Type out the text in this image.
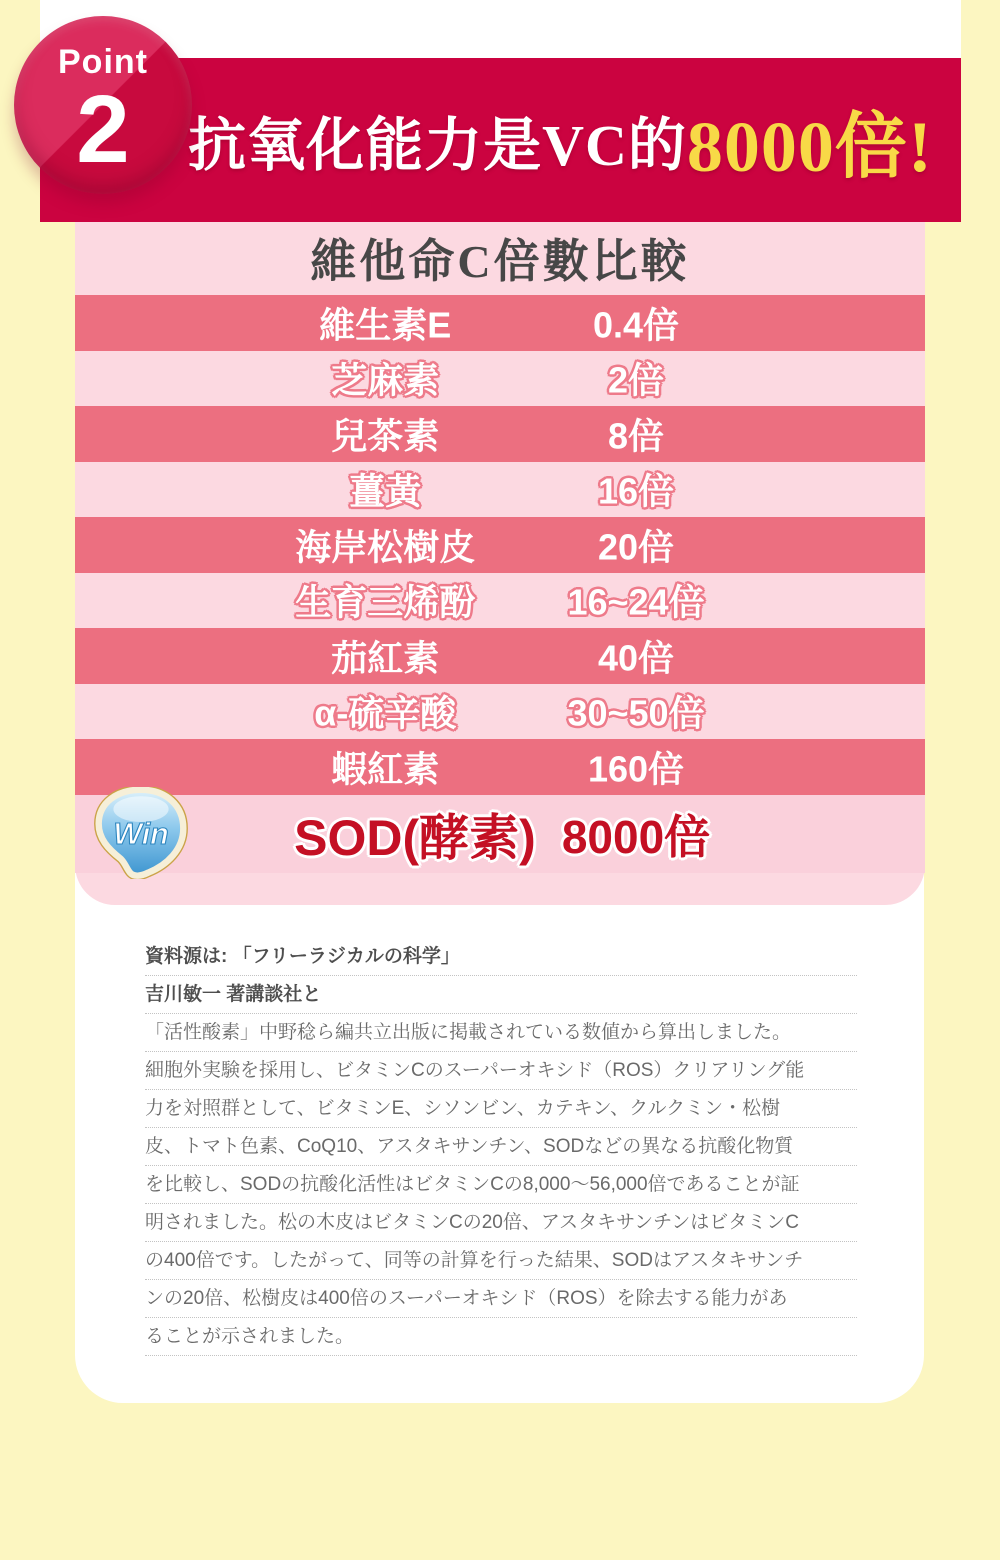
抗氧化能力是VC的 8000倍!
Point
2
維他命C倍數比較
維生素E	0.4倍
芝麻素	2倍
兒茶素	8倍
薑黃	16倍
海岸松樹皮	20倍
生育三烯酚	16~24倍
茄紅素	40倍
α-硫辛酸	30~50倍
蝦紅素	160倍
Win	SOD(酵素) 8000倍
資料源は: 「フリーラジカルの科学」
吉川敏一 著講談社と
「活性酸素」中野稔ら編共立出版に掲載されている数値から算出しました。
細胞外実験を採用し、ビタミンCのスーパーオキシド（ROS）クリアリング能
力を対照群として、ビタミンE、シソンビン、カテキン、クルクミン・松樹
皮、トマト色素、CoQ10、アスタキサンチン、SODなどの異なる抗酸化物質
を比較し、SODの抗酸化活性はビタミンCの8,000〜56,000倍であることが証
明されました。松の木皮はビタミンCの20倍、アスタキサンチンはビタミンC
の400倍です。したがって、同等の計算を行った結果、SODはアスタキサンチ
ンの20倍、松樹皮は400倍のスーパーオキシド（ROS）を除去する能力があ
ることが示されました。
